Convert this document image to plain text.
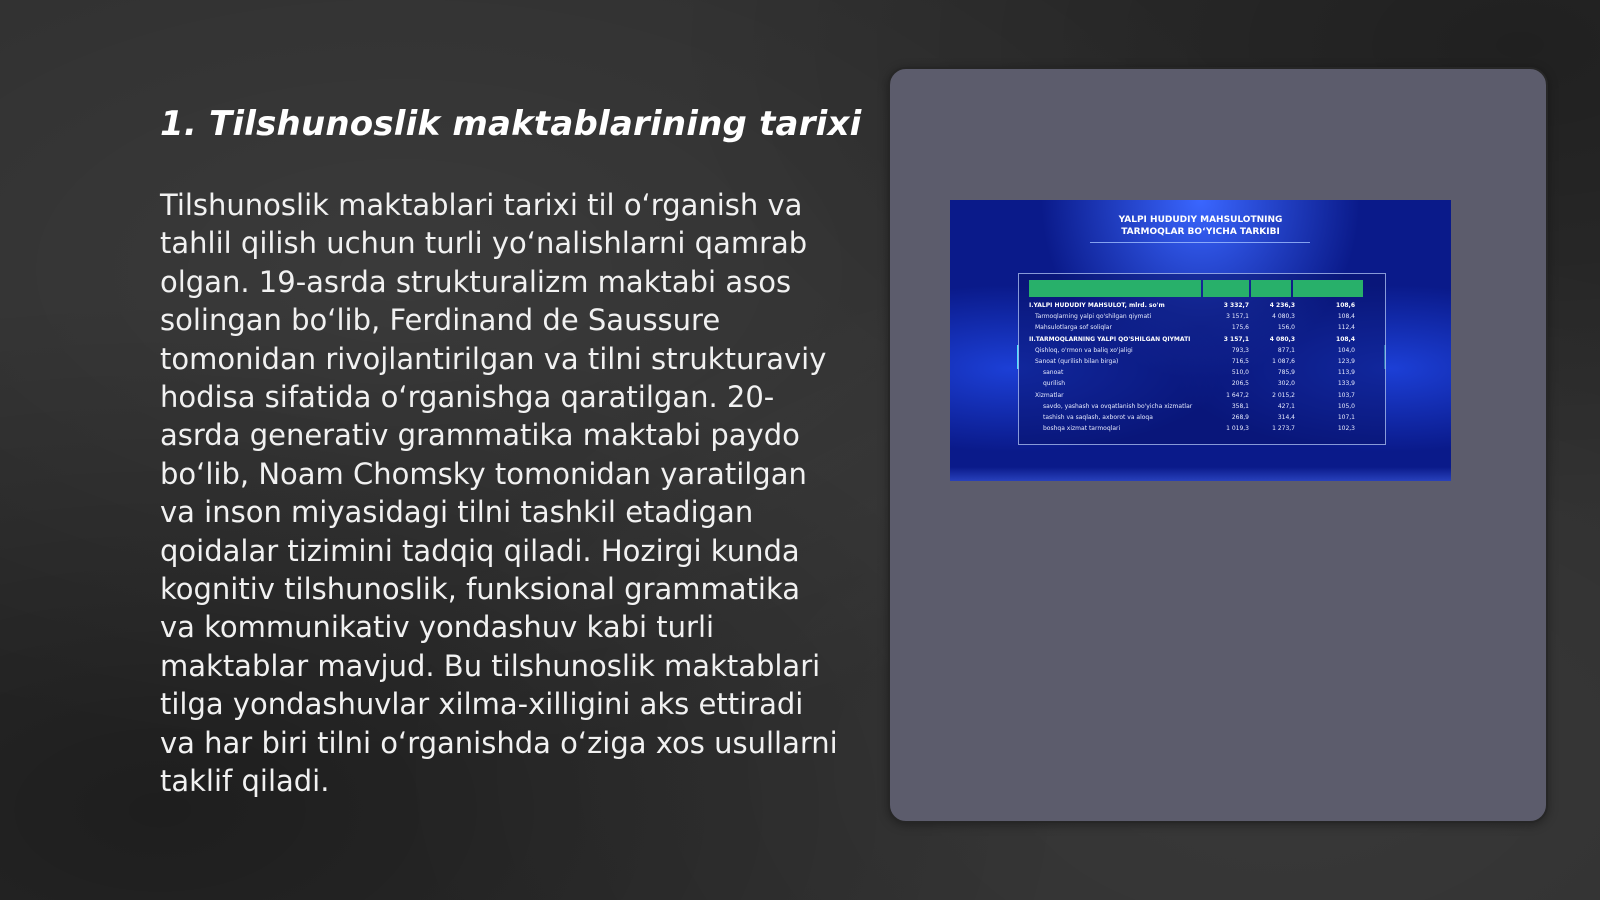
1. Tilshunoslik maktablarining tarixi

Tilshunoslik maktablari tarixi til o‘rganish va tahlil qilish uchun turli yo‘nalishlarni qamrab olgan. 19-asrda strukturalizm maktabi asos solingan bo‘lib, Ferdinand de Saussure tomonidan rivojlantirilgan va tilni strukturaviy hodisa sifatida o‘rganishga qaratilgan. 20-asrda generativ grammatika maktabi paydo bo‘lib, Noam Chomsky tomonidan yaratilgan va inson miyasidagi tilni tashkil etadigan qoidalar tizimini tadqiq qiladi. Hozirgi kunda kognitiv tilshunoslik, funksional grammatika va kommunikativ yondashuv kabi turli maktablar mavjud. Bu tilshunoslik maktablari tilga yondashuvlar xilma-xilligini aks ettiradi va har biri tilni o‘rganishda o‘ziga xos usullarni taklif qiladi.

YALPI HUDUDIY MAHSULOTNING
TARMOQLAR BO‘YICHA TARKIBI
I.YALPI HUDUDIY MAHSULOT, mlrd. so'm	3 332,7	4 236,3	108,6
Tarmoqlarning yalpi qo'shilgan qiymati	3 157,1	4 080,3	108,4
Mahsulotlarga sof soliqlar	175,6	156,0	112,4
II.TARMOQLARNING YALPI QO'SHILGAN QIYMATI	3 157,1	4 080,3	108,4
Qishloq, o'rmon va baliq xo'jaligi	793,3	877,1	104,0
Sanoat (qurilish bilan birga)	716,5	1 087,6	123,9
sanoat	510,0	785,9	113,9
qurilish	206,5	302,0	133,9
Xizmatlar	1 647,2	2 015,2	103,7
savdo, yashash va ovqatlanish bo'yicha xizmatlar	358,1	427,1	105,0
tashish va saqlash, axborot va aloqa	268,9	314,4	107,1
boshqa xizmat tarmoqlari	1 019,3	1 273,7	102,3
